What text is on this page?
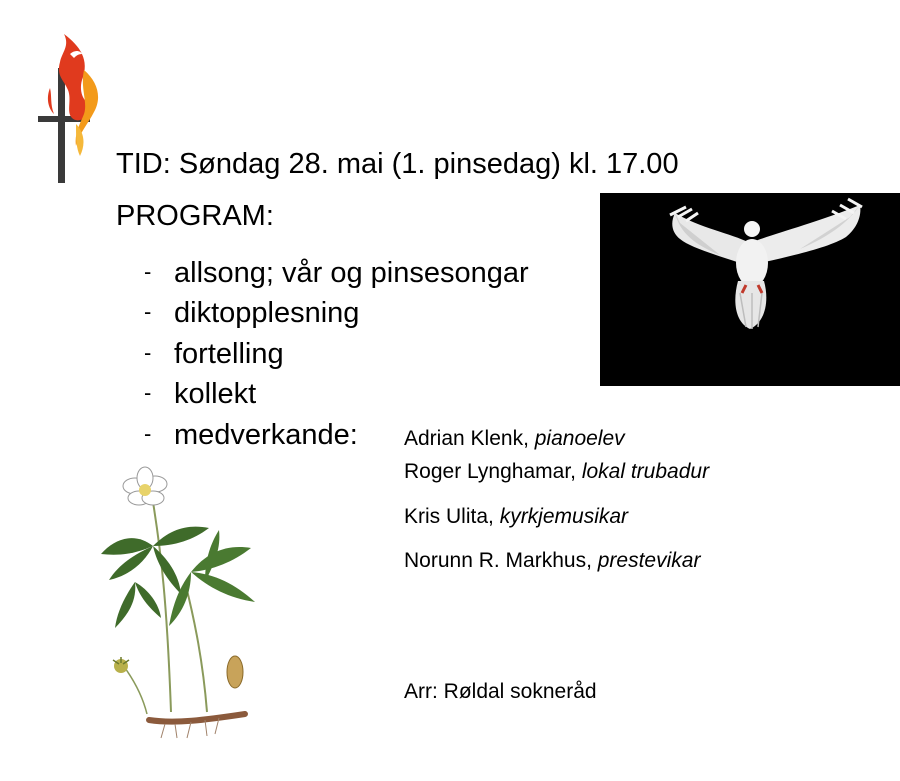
TID: Søndag 28. mai (1. pinsedag) kl. 17.00
PROGRAM:
- allsong; vår og pinsesongar
- diktopplesning
- fortelling
- kollekt
- medverkande: Adrian Klenk, pianoelev
Roger Lynghamar, lokal trubadur
Kris Ulita, kyrkjemusikar
Norunn R. Markhus, prestevikar
Arr: Røldal sokneråd
